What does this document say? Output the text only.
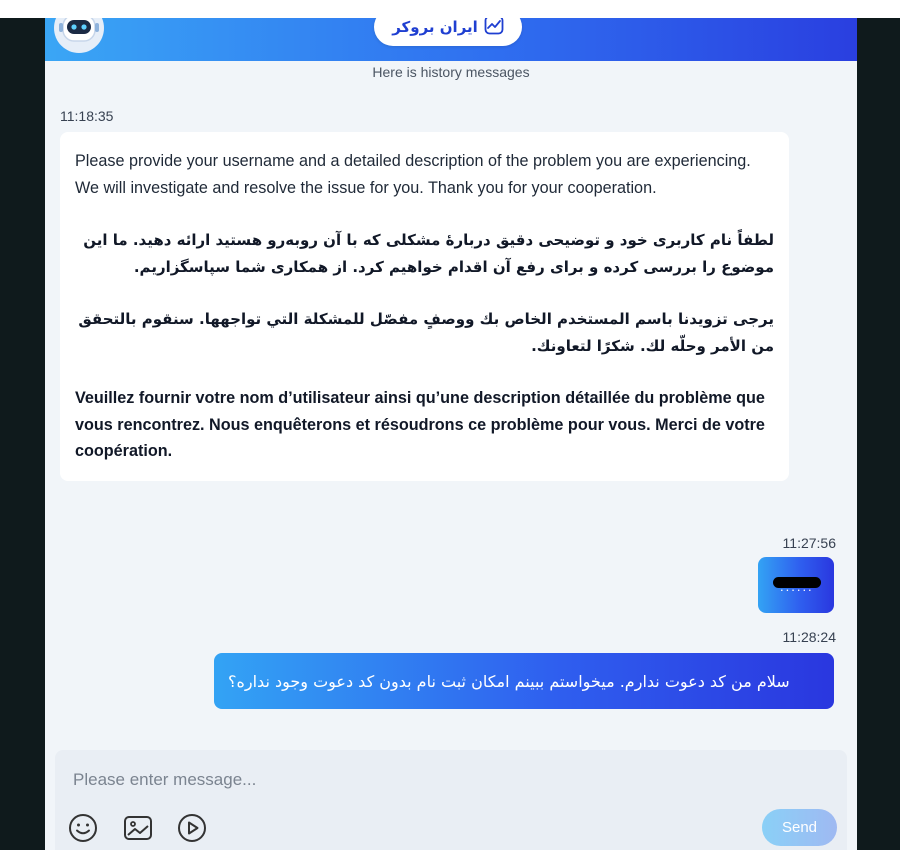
ایران بروکر
Here is history messages
11:18:35

Please provide your username and a detailed description of the problem you are experiencing. We will investigate and resolve the issue for you. Thank you for your cooperation.

لطفاً نام کاربری خود و توضیحی دقیق دربارهٔ مشکلی که با آن روبه‌رو هستید ارائه دهید. ما این موضوع را بررسی کرده و برای رفع آن اقدام خواهیم کرد. از همکاری شما سپاسگزاریم.

يرجى تزويدنا باسم المستخدم الخاص بك ووصفٍ مفصّل للمشكلة التي تواجهها. سنقوم بالتحقق من الأمر وحلّه لك. شكرًا لتعاونك.

Veuillez fournir votre nom d’utilisateur ainsi qu’une description détaillée du problème que vous rencontrez. Nous enquêterons et résoudrons ce problème pour vous. Merci de votre coopération.

11:27:56
11:28:24
سلام من کد دعوت ندارم. میخواستم ببینم امکان ثبت نام بدون کد دعوت وجود نداره؟
Please enter message...
Send
